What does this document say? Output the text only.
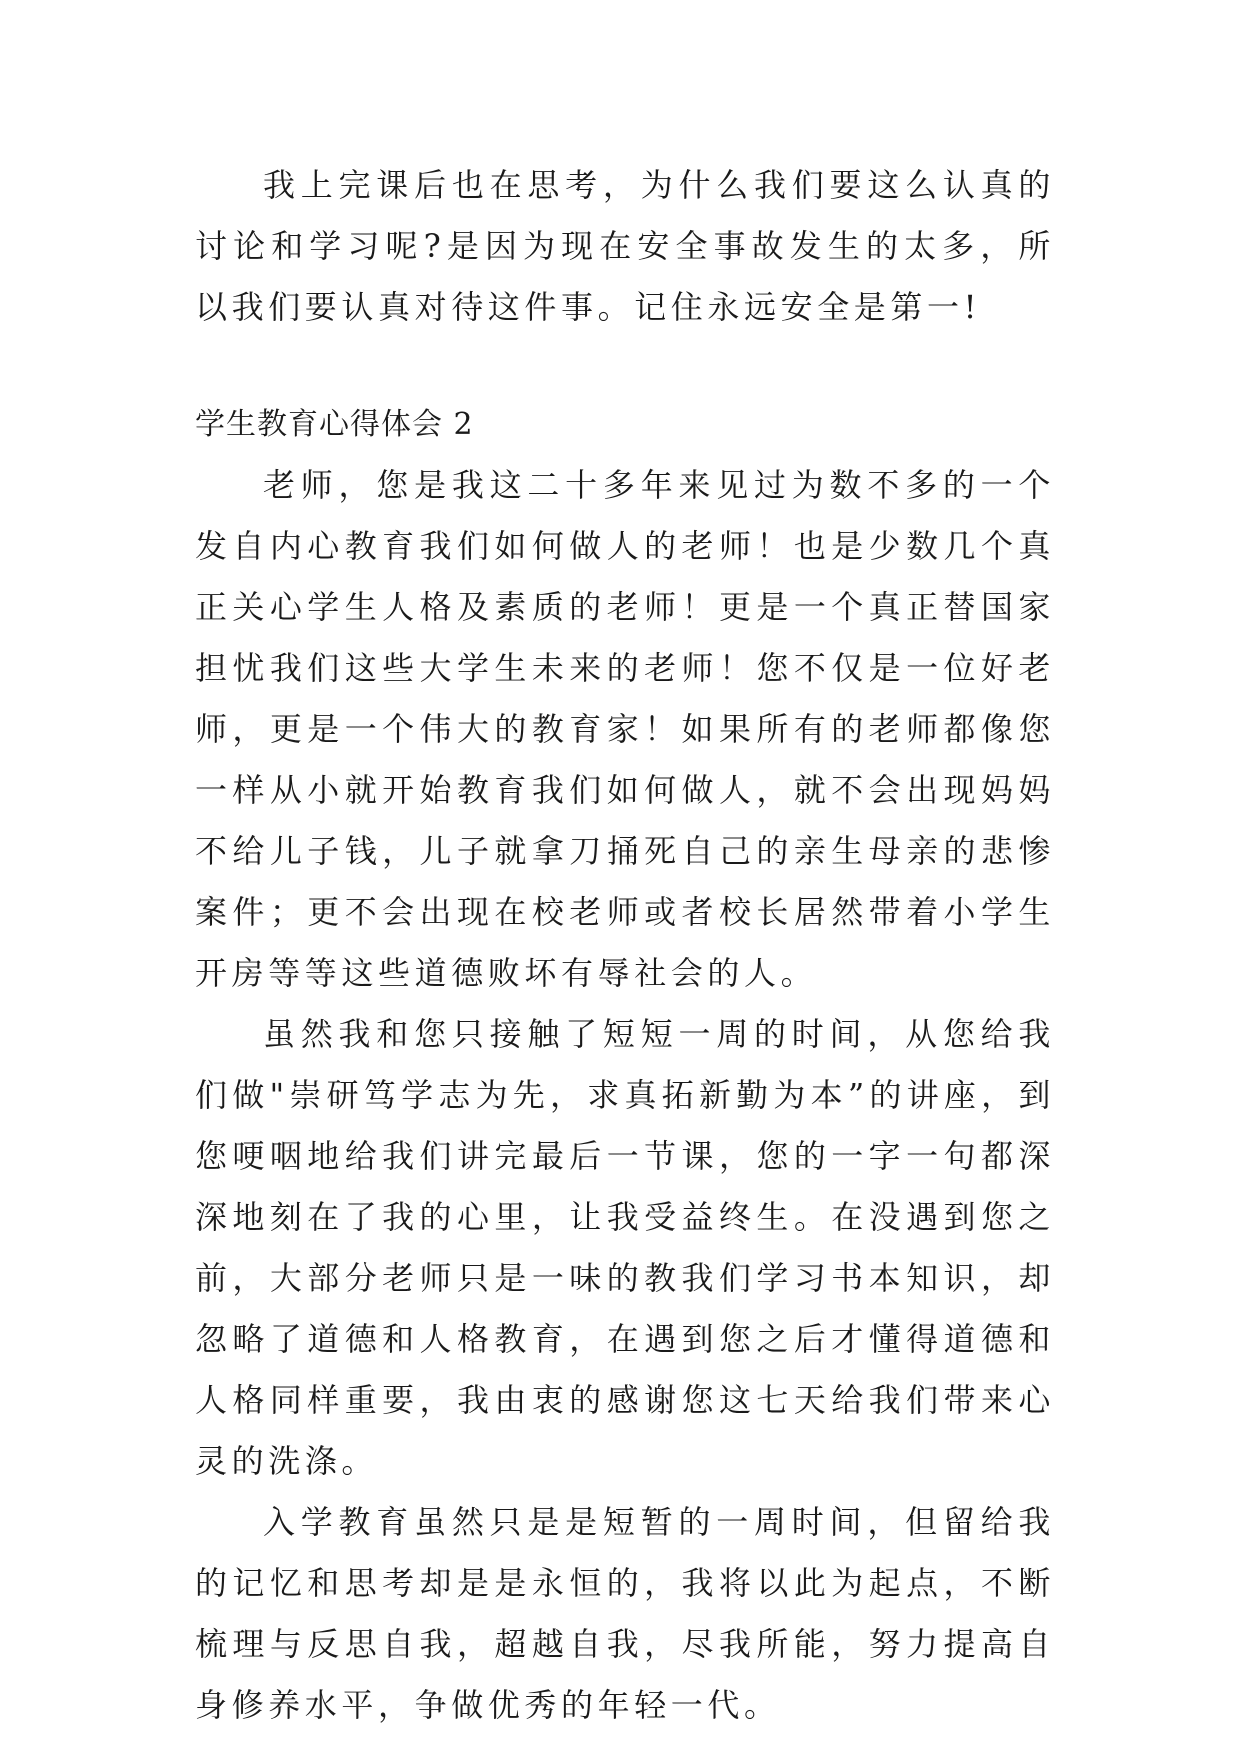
我上完课后也在思考，为什么我们要这么认真的讨论和学习呢?是因为现在安全事故发生的太多，所以我们要认真对待这件事。记住永远安全是第一!

学生教育心得体会 2

老师，您是我这二十多年来见过为数不多的一个发自内心教育我们如何做人的老师！也是少数几个真正关心学生人格及素质的老师！更是一个真正替国家担忧我们这些大学生未来的老师！您不仅是一位好老师，更是一个伟大的教育家！如果所有的老师都像您一样从小就开始教育我们如何做人，就不会出现妈妈不给儿子钱，儿子就拿刀捅死自己的亲生母亲的悲惨案件；更不会出现在校老师或者校长居然带着小学生开房等等这些道德败坏有辱社会的人。

虽然我和您只接触了短短一周的时间，从您给我们做"崇研笃学志为先，求真拓新勤为本”的讲座，到您哽咽地给我们讲完最后一节课，您的一字一句都深深地刻在了我的心里，让我受益终生。在没遇到您之前，大部分老师只是一味的教我们学习书本知识，却忽略了道德和人格教育，在遇到您之后才懂得道德和人格同样重要，我由衷的感谢您这七天给我们带来心灵的洗涤。

入学教育虽然只是是短暂的一周时间，但留给我的记忆和思考却是是永恒的，我将以此为起点，不断梳理与反思自我，超越自我，尽我所能，努力提高自身修养水平，争做优秀的年轻一代。
